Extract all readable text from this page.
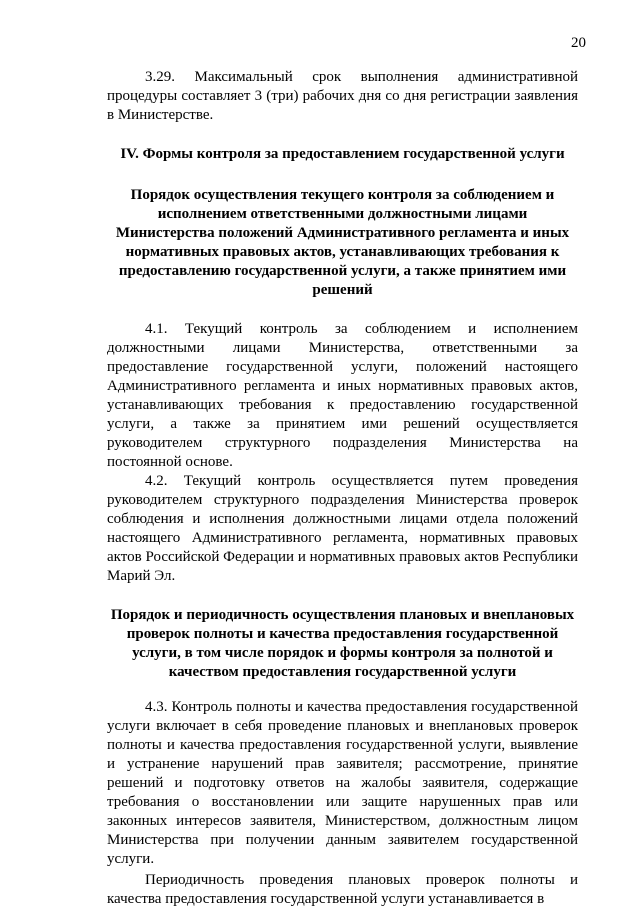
20

3.29. Максимальный срок выполнения административной процедуры составляет 3 (три) рабочих дня со дня регистрации заявления в Министерстве.

IV. Формы контроля за предоставлением государственной услуги

Порядок осуществления текущего контроля за соблюдением и исполнением ответственными должностными лицами Министерства положений Административного регламента и иных нормативных правовых актов, устанавливающих требования к предоставлению государственной услуги, а также принятием ими решений

4.1. Текущий контроль за соблюдением и исполнением должностными лицами Министерства, ответственными за предоставление государственной услуги, положений настоящего Административного регламента и иных нормативных правовых актов, устанавливающих требования к предоставлению государственной услуги, а также за принятием ими решений осуществляется руководителем структурного подразделения Министерства на постоянной основе.

4.2. Текущий контроль осуществляется путем проведения руководителем структурного подразделения Министерства проверок соблюдения и исполнения должностными лицами отдела положений настоящего Административного регламента, нормативных правовых актов Российской Федерации и нормативных правовых актов Республики Марий Эл.

Порядок и периодичность осуществления плановых и внеплановых проверок полноты и качества предоставления государственной услуги, в том числе порядок и формы контроля за полнотой и качеством предоставления государственной услуги

4.3. Контроль полноты и качества предоставления государственной услуги включает в себя проведение плановых и внеплановых проверок полноты и качества предоставления государственной услуги, выявление и устранение нарушений прав заявителя; рассмотрение, принятие решений и подготовку ответов на жалобы заявителя, содержащие требования о восстановлении или защите нарушенных прав или законных интересов заявителя, Министерством, должностным лицом Министерства при получении данным заявителем государственной услуги.

Периодичность проведения плановых проверок полноты и качества предоставления государственной услуги устанавливается в
